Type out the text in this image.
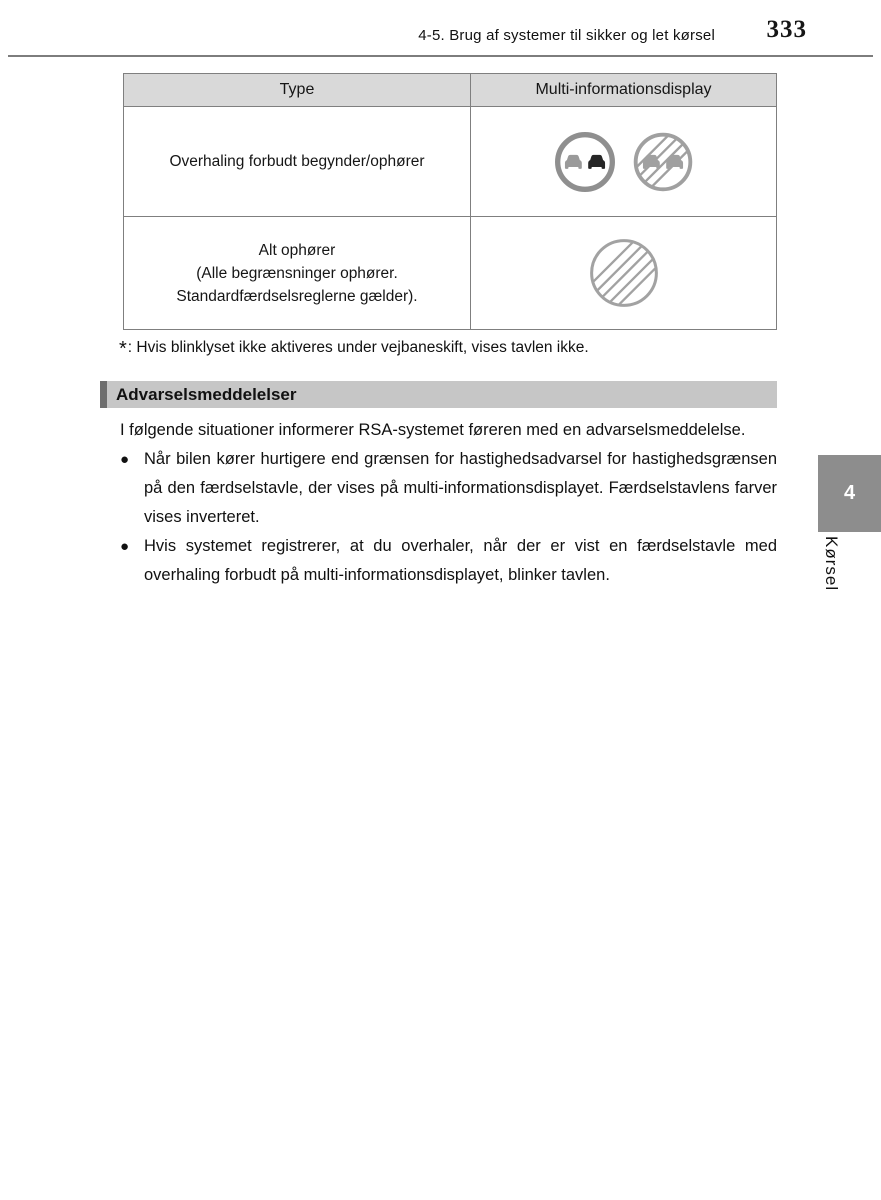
4-5. Brug af systemer til sikker og let kørsel 333
Type	Multi-informationsdisplay
Overhaling forbudt begynder/ophører
Alt ophører
(Alle begrænsninger ophører.
Standardfærdselsreglerne gælder).
*: Hvis blinklyset ikke aktiveres under vejbaneskift, vises tavlen ikke.
Advarselsmeddelelser

I følgende situationer informerer RSA-systemet føreren med en advarselsmeddelelse.

● Når bilen kører hurtigere end grænsen for hastighedsadvarsel for hastighedsgrænsen på den færdselstavle, der vises på multi-informationsdisplayet. Færdselstavlens farver vises inverteret.
● Hvis systemet registrerer, at du overhaler, når der er vist en færdselstavle med overhaling forbudt på multi-informationsdisplayet, blinker tavlen.
4
Kørsel
